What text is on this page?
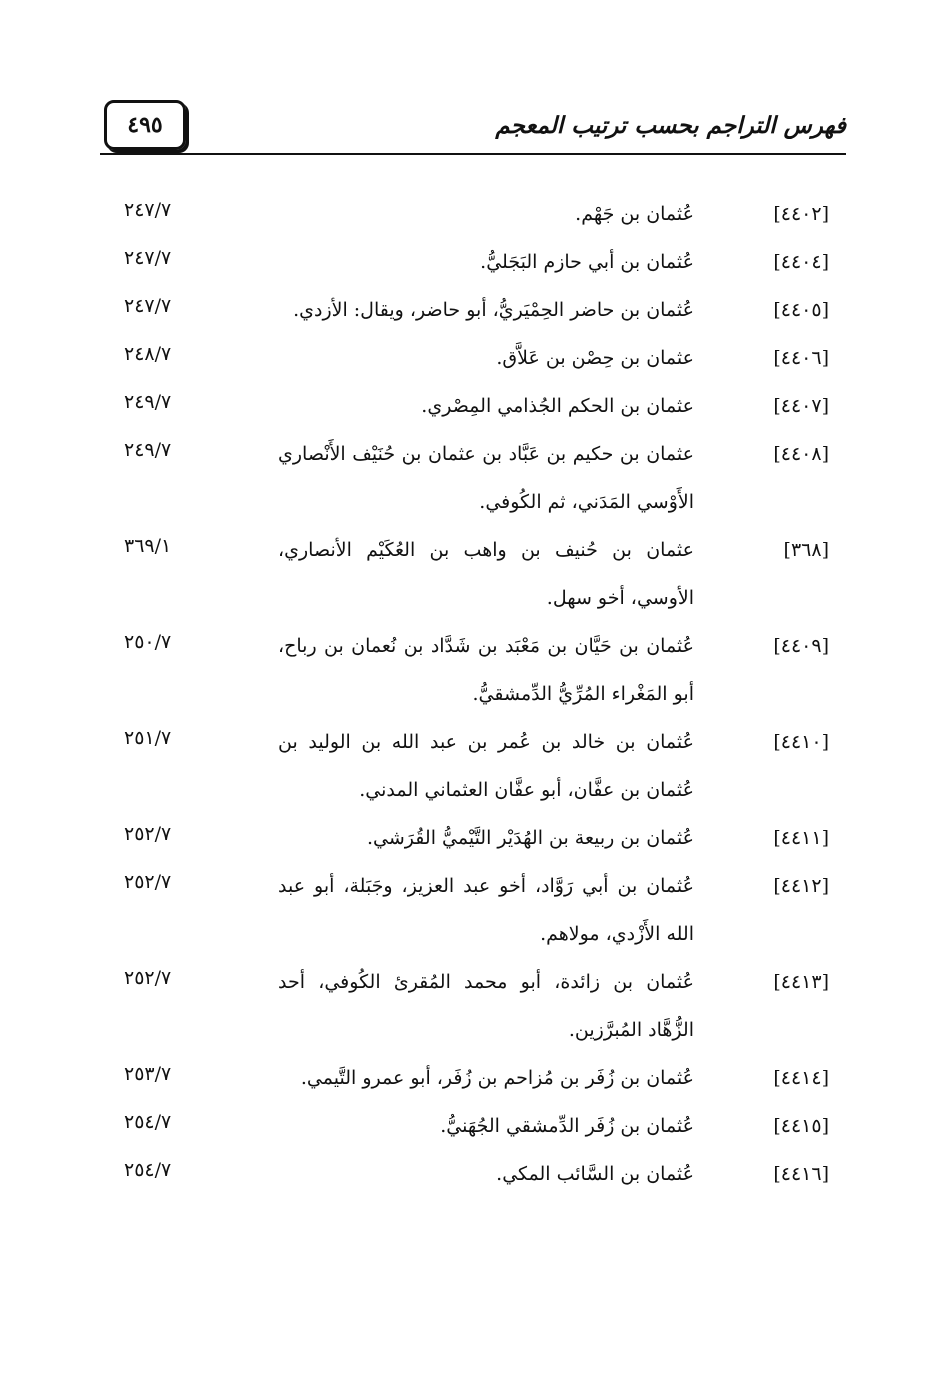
٤٩٥	فهرس التراجم بحسب ترتيب المعجم
[٤٤٠٢]
عُثمان بن جَهْم.
٢٤٧/٧
[٤٤٠٤]
عُثمان بن أبي حازم البَجَليُّ.
٢٤٧/٧
[٤٤٠٥]
عُثمان بن حاضر الحِمْيَريُّ، أبو حاضر، ويقال: الأزدي.
٢٤٧/٧
[٤٤٠٦]
عثمان بن حِصْن بن عَلاَّق.
٢٤٨/٧
[٤٤٠٧]
عثمان بن الحكم الجُذامي المِصْري.
٢٤٩/٧
[٤٤٠٨]
عثمان بن حكيم بن عَبَّاد بن عثمان بن حُنَيْف الأَنْصاري الأَوْسي المَدَني، ثم الكُوفي.
٢٤٩/٧
[٣٦٨]
عثمان بن حُنيف بن واهب بن العُكَيْم الأنصاري، الأوسي، أخو سهل.
٣٦٩/١
[٤٤٠٩]
عُثمان بن حَيَّان بن مَعْبَد بن شَدَّاد بن نُعمان بن رباح، أبو المَغْراء المُرِّيُّ الدِّمشقيُّ.
٢٥٠/٧
[٤٤١٠]
عُثمان بن خالد بن عُمر بن عبد الله بن الوليد بن عُثمان بن عفَّان، أبو عفَّان العثماني المدني.
٢٥١/٧
[٤٤١١]
عُثمان بن ربيعة بن الهُدَيْر التَّيْميُّ القُرَشي.
٢٥٢/٧
[٤٤١٢]
عُثمان بن أبي رَوَّاد، أخو عبد العزيز، وجَبَلة، أبو عبد الله الأَزْدي، مولاهم.
٢٥٢/٧
[٤٤١٣]
عُثمان بن زائدة، أبو محمد المُقرئ الكُوفي، أحد الزُّهَّاد المُبرَّزين.
٢٥٢/٧
[٤٤١٤]
عُثمان بن زُفَر بن مُزاحم بن زُفَر، أبو عمرو التَّيمي.
٢٥٣/٧
[٤٤١٥]
عُثمان بن زُفَر الدِّمشقي الجُهَنيُّ.
٢٥٤/٧
[٤٤١٦]
عُثمان بن السَّائب المكي.
٢٥٤/٧
